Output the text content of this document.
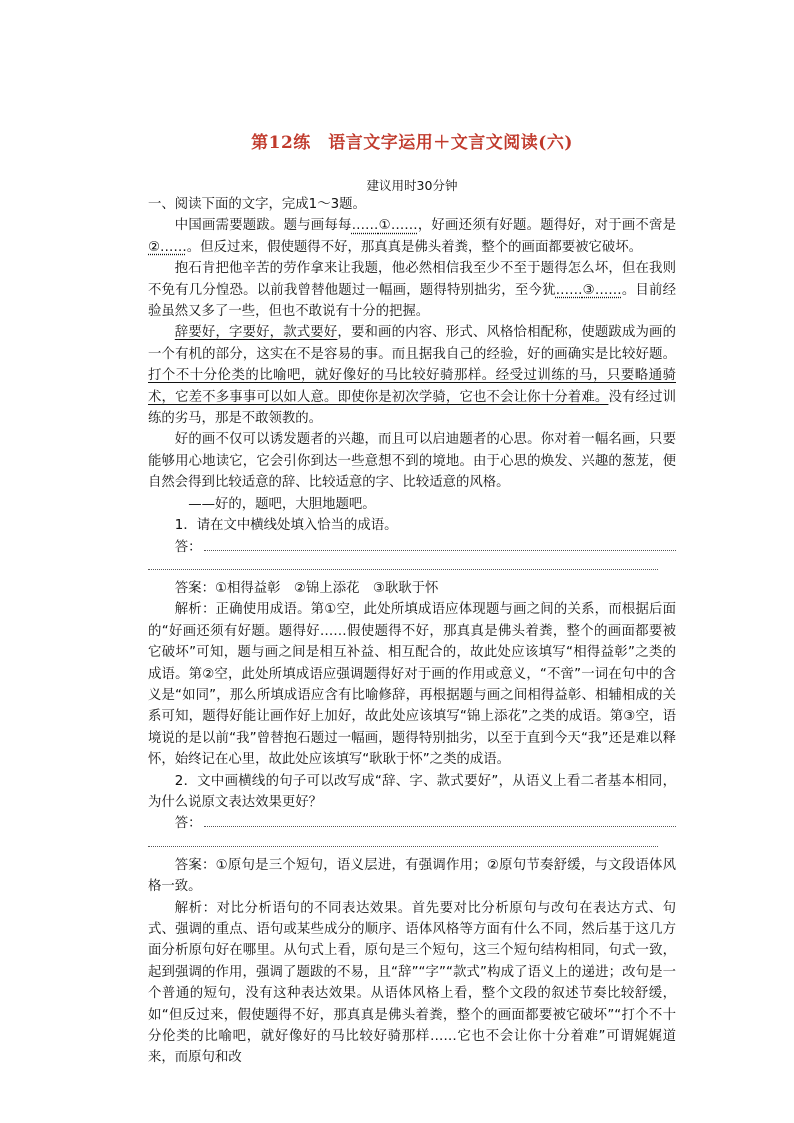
第12练　语言文字运用＋文言文阅读(六)
建议用时30分钟

一、阅读下面的文字，完成1～3题。

中国画需要题跋。题与画每每……①……，好画还须有好题。题得好，对于画不啻是②……。但反过来，假使题得不好，那真真是佛头着粪，整个的画面都要被它破坏。

抱石肯把他辛苦的劳作拿来让我题，他必然相信我至少不至于题得怎么坏，但在我则不免有几分惶恐。以前我曾替他题过一幅画，题得特别拙劣，至今犹……③……。目前经验虽然又多了一些，但也不敢说有十分的把握。

辞要好，字要好，款式要好，要和画的内容、形式、风格恰相配称，使题跋成为画的一个有机的部分，这实在不是容易的事。而且据我自己的经验，好的画确实是比较好题。打个不十分伦类的比喻吧，就好像好的马比较好骑那样。经受过训练的马，只要略通骑术，它差不多事事可以如人意。即使你是初次学骑，它也不会让你十分着难。没有经过训练的劣马，那是不敢领教的。

好的画不仅可以诱发题者的兴趣，而且可以启迪题者的心思。你对着一幅名画，只要能够用心地读它，它会引你到达一些意想不到的境地。由于心思的焕发、兴趣的葱茏，便自然会得到比较适意的辞、比较适意的字、比较适意的风格。

——好的，题吧，大胆地题吧。

1．请在文中横线处填入恰当的成语。

答：

答案：①相得益彰　②锦上添花　③耿耿于怀

解析：正确使用成语。第①空，此处所填成语应体现题与画之间的关系，而根据后面的“好画还须有好题。题得好……假使题得不好，那真真是佛头着粪，整个的画面都要被它破坏”可知，题与画之间是相互补益、相互配合的，故此处应该填写“相得益彰”之类的成语。第②空，此处所填成语应强调题得好对于画的作用或意义，“不啻”一词在句中的含义是“如同”，那么所填成语应含有比喻修辞，再根据题与画之间相得益彰、相辅相成的关系可知，题得好能让画作好上加好，故此处应该填写“锦上添花”之类的成语。第③空，语境说的是以前“我”曾替抱石题过一幅画，题得特别拙劣，以至于直到今天“我”还是难以释怀，始终记在心里，故此处应该填写“耿耿于怀”之类的成语。

2．文中画横线的句子可以改写成“辞、字、款式要好”，从语义上看二者基本相同，为什么说原文表达效果更好？

答：

答案：①原句是三个短句，语义层进，有强调作用；②原句节奏舒缓，与文段语体风格一致。

解析：对比分析语句的不同表达效果。首先要对比分析原句与改句在表达方式、句式、强调的重点、语句或某些成分的顺序、语体风格等方面有什么不同，然后基于这几方面分析原句好在哪里。从句式上看，原句是三个短句，这三个短句结构相同，句式一致，起到强调的作用，强调了题跋的不易，且“辞”“字”“款式”构成了语义上的递进；改句是一个普通的短句，没有这种表达效果。从语体风格上看，整个文段的叙述节奏比较舒缓，如“但反过来，假使题得不好，那真真是佛头着粪，整个的画面都要被它破坏”“打个不十分伦类的比喻吧，就好像好的马比较好骑那样……它也不会让你十分着难”可谓娓娓道来，而原句和改
